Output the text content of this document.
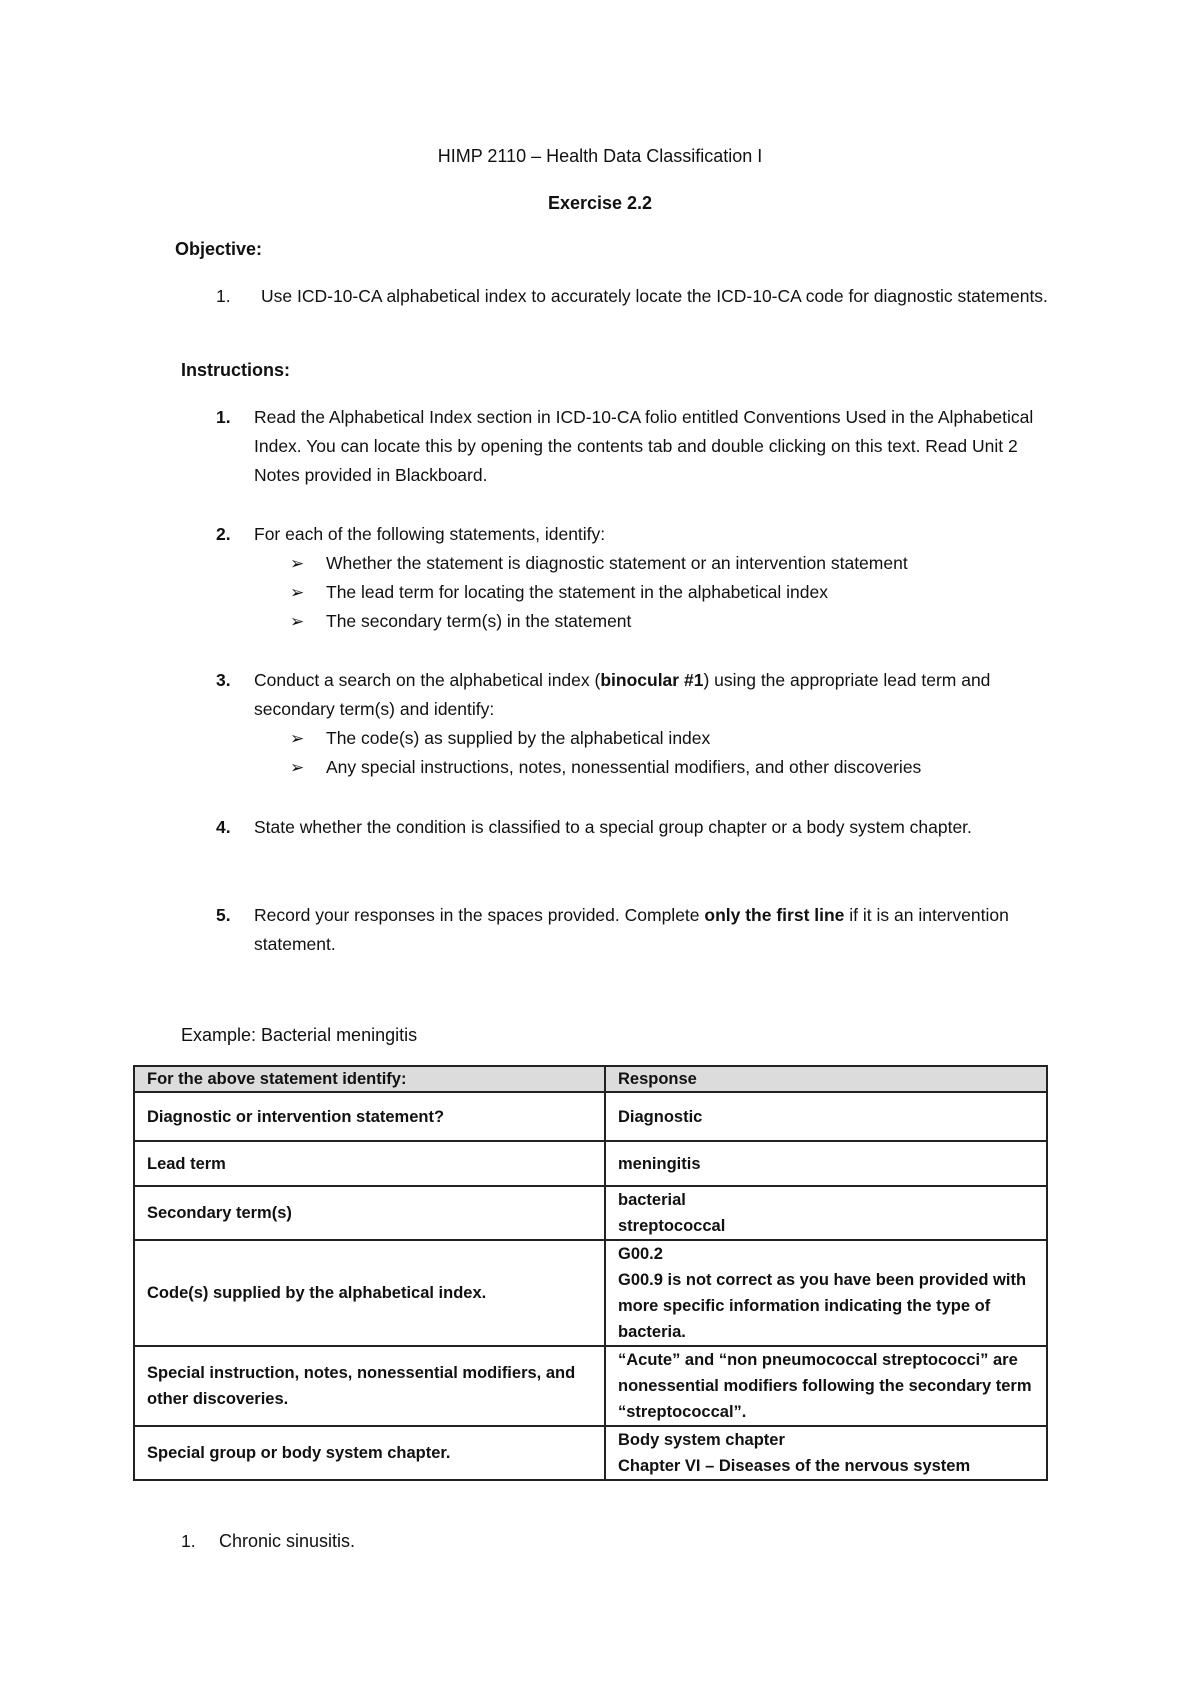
HIMP 2110 – Health Data Classification I
Exercise 2.2
Objective:
1. Use ICD-10-CA alphabetical index to accurately locate the ICD-10-CA code for diagnostic statements.
Instructions:
1. Read the Alphabetical Index section in ICD-10-CA folio entitled Conventions Used in the Alphabetical Index. You can locate this by opening the contents tab and double clicking on this text. Read Unit 2 Notes provided in Blackboard.
2. For each of the following statements, identify:
➢ Whether the statement is diagnostic statement or an intervention statement
➢ The lead term for locating the statement in the alphabetical index
➢ The secondary term(s) in the statement
3. Conduct a search on the alphabetical index (binocular #1) using the appropriate lead term and secondary term(s) and identify:
➢ The code(s) as supplied by the alphabetical index
➢ Any special instructions, notes, nonessential modifiers, and other discoveries
4. State whether the condition is classified to a special group chapter or a body system chapter.
5. Record your responses in the spaces provided. Complete only the first line if it is an intervention statement.
Example: Bacterial meningitis
For the above statement identify:	Response
Diagnostic or intervention statement?	Diagnostic

Lead term	meningitis

Secondary term(s)	bacterial
streptococcal

Code(s) supplied by the alphabetical index.	G00.2
G00.9 is not correct as you have been provided with more specific information indicating the type of bacteria.

Special instruction, notes, nonessential modifiers, and other discoveries.	“Acute” and “non pneumococcal streptococci” are nonessential modifiers following the secondary term “streptococcal”.

Special group or body system chapter.	Body system chapter
Chapter VI – Diseases of the nervous system
1. Chronic sinusitis.
